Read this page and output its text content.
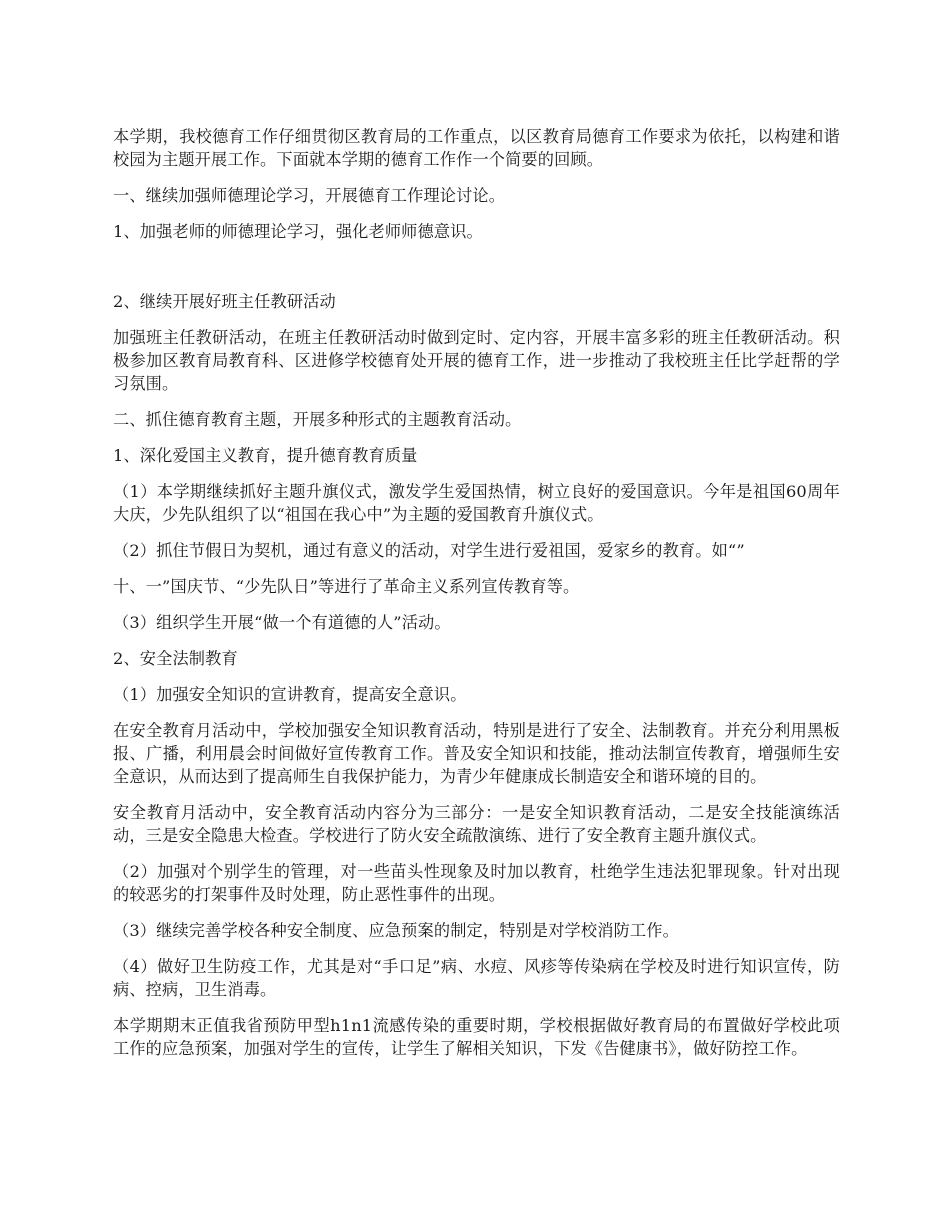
本学期，我校德育工作仔细贯彻区教育局的工作重点，以区教育局德育工作要求为依托，以构建和谐校园为主题开展工作。下面就本学期的德育工作作一个简要的回顾。

一、继续加强师德理论学习，开展德育工作理论讨论。

1、加强老师的师德理论学习，强化老师师德意识。

2、继续开展好班主任教研活动

加强班主任教研活动，在班主任教研活动时做到定时、定内容，开展丰富多彩的班主任教研活动。积极参加区教育局教育科、区进修学校德育处开展的德育工作，进一步推动了我校班主任比学赶帮的学习氛围。

二、抓住德育教育主题，开展多种形式的主题教育活动。

1、深化爱国主义教育，提升德育教育质量

（1）本学期继续抓好主题升旗仪式，激发学生爱国热情，树立良好的爱国意识。今年是祖国60周年大庆，少先队组织了以“祖国在我心中”为主题的爱国教育升旗仪式。

（2）抓住节假日为契机，通过有意义的活动，对学生进行爱祖国，爱家乡的教育。如“”

十、一”国庆节、“少先队日”等进行了革命主义系列宣传教育等。

（3）组织学生开展“做一个有道德的人”活动。

2、安全法制教育

（1）加强安全知识的宣讲教育，提高安全意识。

在安全教育月活动中，学校加强安全知识教育活动，特别是进行了安全、法制教育。并充分利用黑板报、广播，利用晨会时间做好宣传教育工作。普及安全知识和技能，推动法制宣传教育，增强师生安全意识，从而达到了提高师生自我保护能力，为青少年健康成长制造安全和谐环境的目的。

安全教育月活动中，安全教育活动内容分为三部分：一是安全知识教育活动，二是安全技能演练活动，三是安全隐患大检查。学校进行了防火安全疏散演练、进行了安全教育主题升旗仪式。

（2）加强对个别学生的管理，对一些苗头性现象及时加以教育，杜绝学生违法犯罪现象。针对出现的较恶劣的打架事件及时处理，防止恶性事件的出现。

（3）继续完善学校各种安全制度、应急预案的制定，特别是对学校消防工作。

（4）做好卫生防疫工作，尤其是对“手口足”病、水痘、风疹等传染病在学校及时进行知识宣传，防病、控病，卫生消毒。

本学期期末正值我省预防甲型h1n1流感传染的重要时期，学校根据做好教育局的布置做好学校此项工作的应急预案，加强对学生的宣传，让学生了解相关知识，下发《告健康书》，做好防控工作。
